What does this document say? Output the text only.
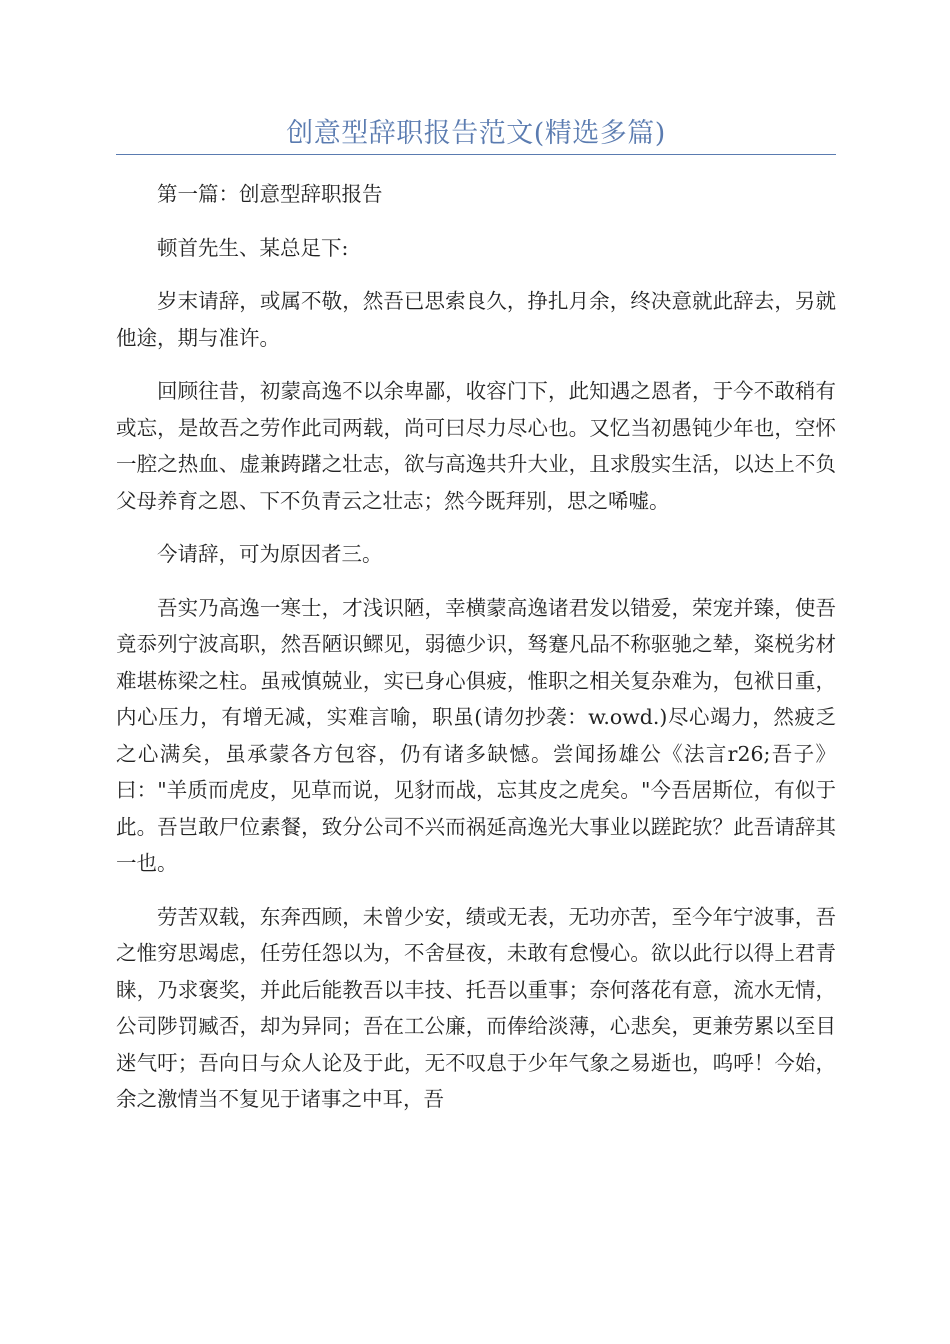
创意型辞职报告范文(精选多篇)

第一篇：创意型辞职报告

顿首先生、某总足下:

岁末请辞，或属不敬，然吾已思索良久，挣扎月余，终决意就此辞去，另就他途，期与准许。

回顾往昔，初蒙高逸不以余卑鄙，收容门下，此知遇之恩者，于今不敢稍有或忘，是故吾之劳作此司两载，尚可曰尽力尽心也。又忆当初愚钝少年也，空怀一腔之热血、虚兼踌躇之壮志，欲与高逸共升大业，且求殷实生活，以达上不负父母养育之恩、下不负青云之壮志；然今既拜别，思之唏嘘。

今请辞，可为原因者三。

吾实乃高逸一寒士，才浅识陋，幸横蒙高逸诸君发以错爱，荣宠并臻，使吾竟忝列宁波高职，然吾陋识鳏见，弱德少识，驽蹇凡品不称驱驰之辇，粢棁劣材难堪栋梁之柱。虽戒慎兢业，实已身心俱疲，惟职之相关复杂难为，包袱日重，内心压力，有增无减，实难言喻，职虽(请勿抄袭：w.owd.)尽心竭力，然疲乏之心满矣，虽承蒙各方包容，仍有诸多缺憾。尝闻扬雄公《法言r26;吾子》曰："羊质而虎皮，见草而说，见豺而战，忘其皮之虎矣。"今吾居斯位，有似于此。吾岂敢尸位素餐，致分公司不兴而祸延高逸光大事业以蹉跎欤？此吾请辞其一也。

劳苦双载，东奔西顾，未曾少安，绩或无表，无功亦苦，至今年宁波事，吾之惟穷思竭虑，任劳任怨以为，不舍昼夜，未敢有怠慢心。欲以此行以得上君青睐，乃求褒奖，并此后能教吾以丰技、托吾以重事；奈何落花有意，流水无情，公司陟罚臧否，却为异同；吾在工公廉，而俸给淡薄，心悲矣，更兼劳累以至目迷气吁；吾向日与众人论及于此，无不叹息于少年气象之易逝也，呜呼！今始，余之激情当不复见于诸事之中耳，吾
